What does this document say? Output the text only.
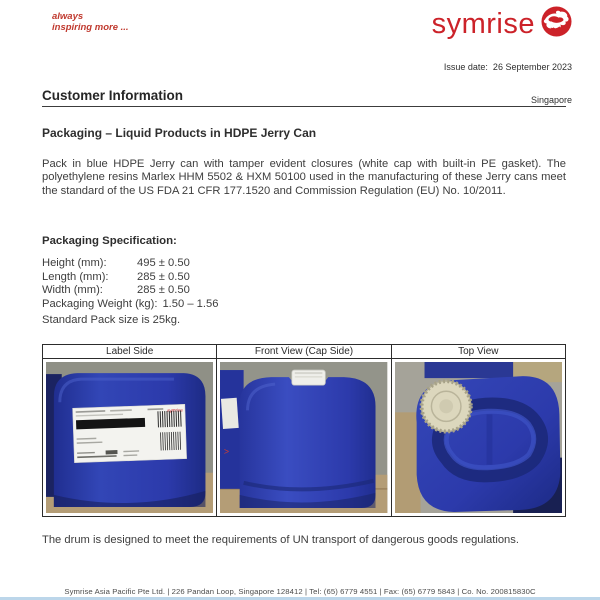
always
inspiring more ...	symrise

Issue date:  26 September 2023

Singapore

Customer Information
Packaging – Liquid Products in HDPE Jerry Can
Pack in blue HDPE Jerry can with tamper evident closures (white cap with built-in PE gasket). The polyethylene resins Marlex HHM 5502 & HXM 50100 used in the manufacturing of these Jerry cans meet the standard of the US FDA 21 CFR 177.1520 and Commission Regulation (EU) No. 10/2011.
Packaging Specification:
Height (mm):	495 ± 0.50
Length (mm):	285 ± 0.50
Width (mm):	285 ± 0.50
Packaging Weight (kg): 1.50 – 1.56
Standard Pack size is 25kg.
Label Side	Front View (Cap Side)	Top View
symrise
>
The drum is designed to meet the requirements of UN transport of dangerous goods regulations.
Symrise Asia Pacific Pte Ltd. | 226 Pandan Loop, Singapore 128412 | Tel: (65) 6779 4551 | Fax: (65) 6779 5843 | Co. No. 200815830C
